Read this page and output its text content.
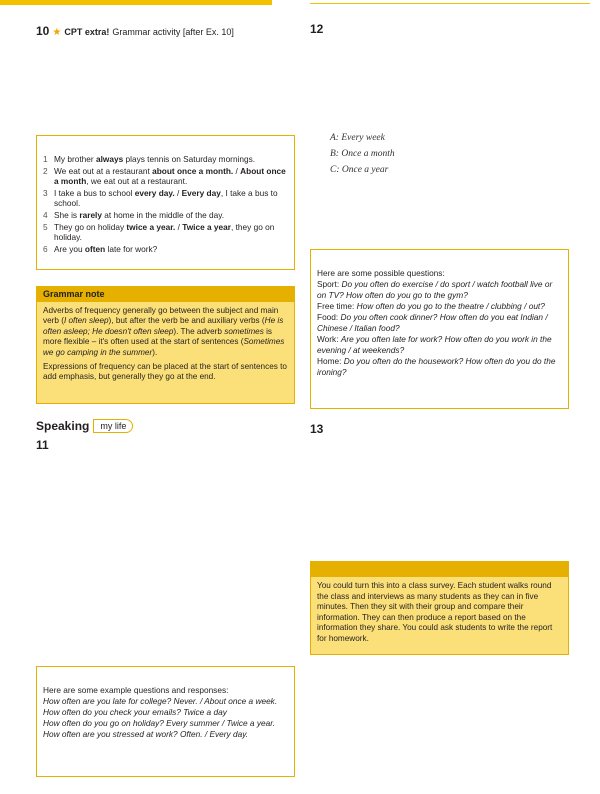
10 ★ CPT extra! Grammar activity [after Ex. 10]	12
1 My brother always plays tennis on Saturday mornings.
2 We eat out at a restaurant about once a month. / About once a month, we eat out at a restaurant.
3 I take a bus to school every day. / Every day, I take a bus to school.
4 She is rarely at home in the middle of the day.
5 They go on holiday twice a year. / Twice a year, they go on holiday.
6 Are you often late for work?
A: Every week
B: Once a month
C: Once a year
Grammar note

Adverbs of frequency generally go between the subject and main verb (I often sleep), but after the verb be and auxiliary verbs (He is often asleep; He doesn't often sleep). The adverb sometimes is more flexible – it's often used at the start of sentences (Sometimes we go camping in the summer).

Expressions of frequency can be placed at the start of sentences to add emphasis, but generally they go at the end.

Here are some possible questions:
Sport: Do you often do exercise / do sport / watch football live or on TV? How often do you go to the gym?
Free time: How often do you go to the theatre / clubbing / out?
Food: Do you often cook dinner? How often do you eat Indian / Chinese / Italian food?
Work: Are you often late for work? How often do you work in the evening / at weekends?
Home: Do you often do the housework? How often do you do the ironing?
Speaking	my life
11
13
You could turn this into a class survey. Each student walks round the class and interviews as many students as they can in five minutes. Then they sit with their group and compare their information. They can then produce a report based on the information they share. You could ask students to write the report for homework.
Here are some example questions and responses:
How often are you late for college? Never. / About once a week.
How often do you check your emails? Twice a day
How often do you go on holiday? Every summer / Twice a year.
How often are you stressed at work? Often. / Every day.
